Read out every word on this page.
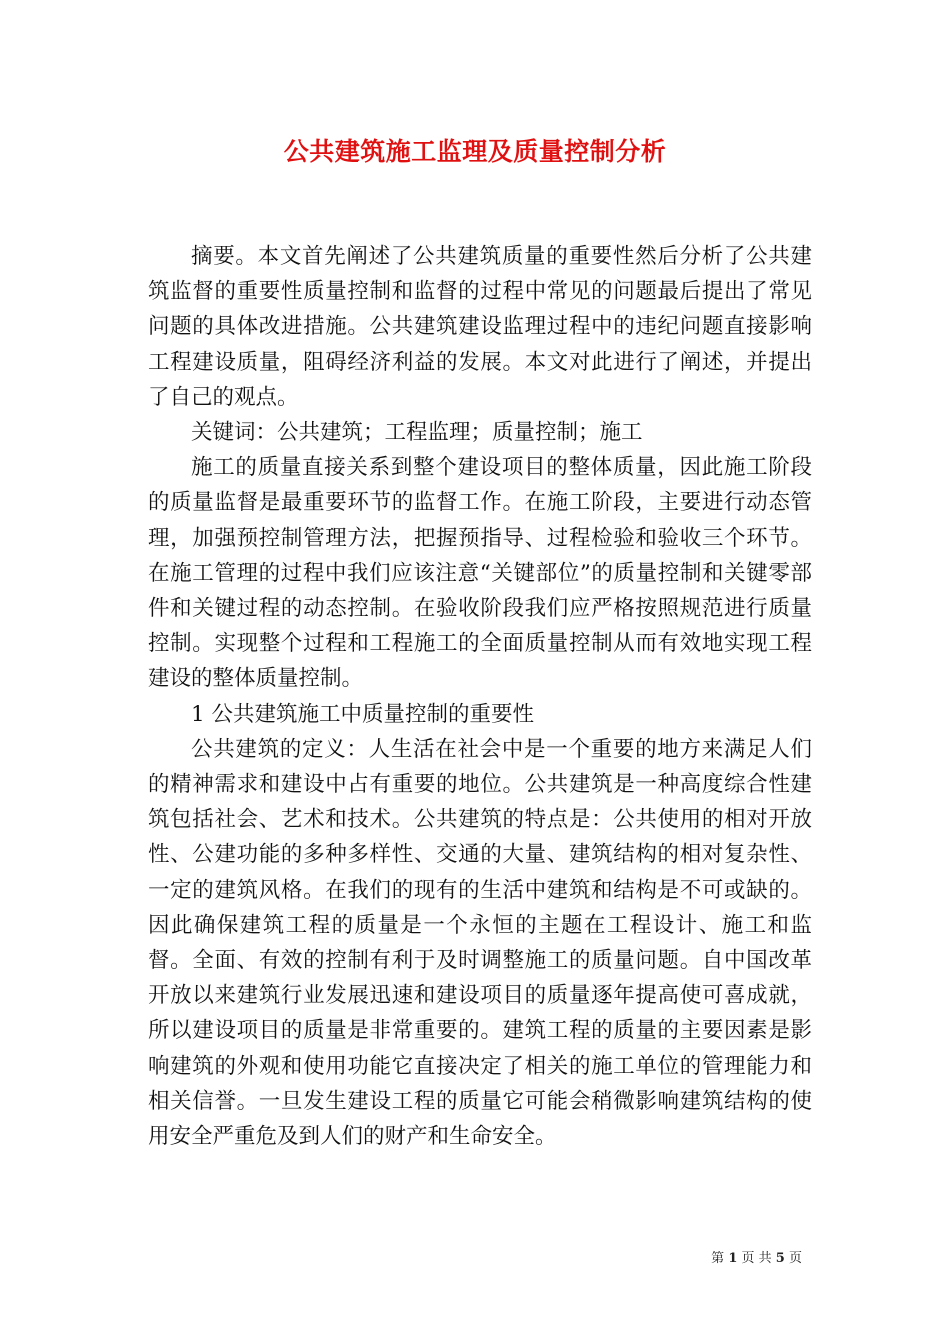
公共建筑施工监理及质量控制分析

摘要。本文首先阐述了公共建筑质量的重要性然后分析了公共建筑监督的重要性质量控制和监督的过程中常见的问题最后提出了常见问题的具体改进措施。公共建筑建设监理过程中的违纪问题直接影响工程建设质量，阻碍经济利益的发展。本文对此进行了阐述，并提出了自己的观点。

关键词：公共建筑；工程监理；质量控制；施工

施工的质量直接关系到整个建设项目的整体质量，因此施工阶段的质量监督是最重要环节的监督工作。在施工阶段，主要进行动态管理，加强预控制管理方法，把握预指导、过程检验和验收三个环节。在施工管理的过程中我们应该注意“关键部位”的质量控制和关键零部件和关键过程的动态控制。在验收阶段我们应严格按照规范进行质量控制。实现整个过程和工程施工的全面质量控制从而有效地实现工程建设的整体质量控制。

1 公共建筑施工中质量控制的重要性

公共建筑的定义：人生活在社会中是一个重要的地方来满足人们的精神需求和建设中占有重要的地位。公共建筑是一种高度综合性建筑包括社会、艺术和技术。公共建筑的特点是：公共使用的相对开放性、公建功能的多种多样性、交通的大量、建筑结构的相对复杂性、一定的建筑风格。在我们的现有的生活中建筑和结构是不可或缺的。因此确保建筑工程的质量是一个永恒的主题在工程设计、施工和监督。全面、有效的控制有利于及时调整施工的质量问题。自中国改革开放以来建筑行业发展迅速和建设项目的质量逐年提高使可喜成就，所以建设项目的质量是非常重要的。建筑工程的质量的主要因素是影响建筑的外观和使用功能它直接决定了相关的施工单位的管理能力和相关信誉。一旦发生建设工程的质量它可能会稍微影响建筑结构的使用安全严重危及到人们的财产和生命安全。

第 1 页 共 5 页
